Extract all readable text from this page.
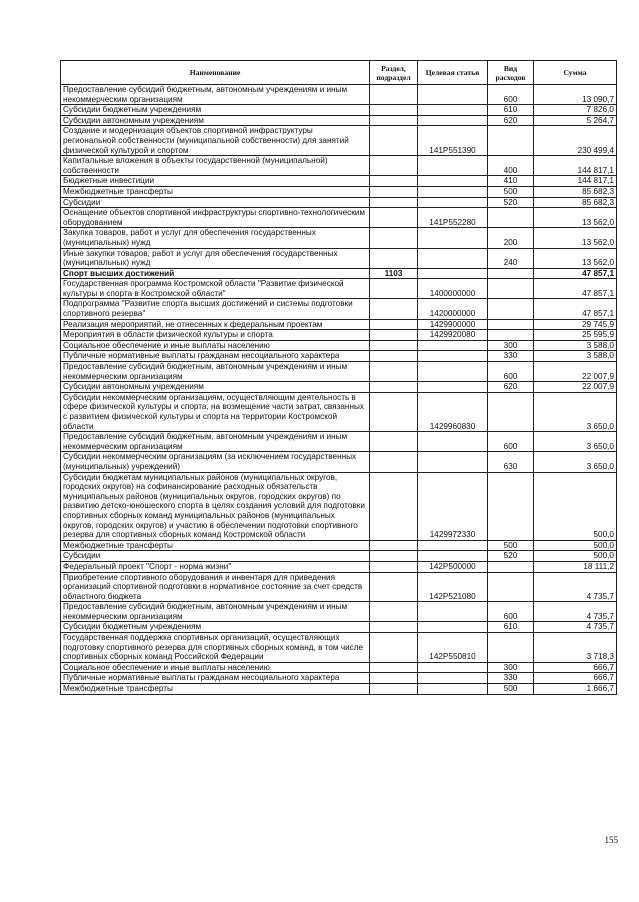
Наименование	Раздел, подраздел	Целевая статья	Вид расходов	Сумма
Предоставление субсидий бюджетным, автономным учреждениям и иным некоммерческим организациям			600	13 090,7
Субсидии бюджетным учреждениям			610	7 826,0
Субсидии автономным учреждениям			620	5 264,7
Создание и модернизация объектов спортивной инфраструктуры региональной собственности (муниципальной собственности) для занятий физической культурой и спортом		141P551390		230 499,4
Капитальные вложения в объекты государственной (муниципальной) собственности			400	144 817,1
Бюджетные инвестиции			410	144 817,1
Межбюджетные трансферты			500	85 682,3
Субсидии			520	85 682,3
Оснащение объектов спортивной инфраструктуры спортивно-технологическим оборудованием		141P552280		13 562,0
Закупка товаров, работ и услуг для обеспечения государственных (муниципальных) нужд			200	13 562,0
Иные закупки товаров, работ и услуг для обеспечения государственных (муниципальных) нужд			240	13 562,0
Спорт высших достижений	1103			47 857,1
Государственная программа Костромской области "Развитие физической культуры и спорта в Костромской области"		1400000000		47 857,1
Подпрограмма "Развитие спорта высших достижений и системы подготовки спортивного резерва"		1420000000		47 857,1
Реализация мероприятий, не отнесенных к федеральным проектам		1429900000		29 745,9
Мероприятия в области физической культуры и спорта		1429920080		25 595,9
Социальное обеспечение и иные выплаты населению			300	3 588,0
Публичные нормативные выплаты гражданам несоциального характера			330	3 588,0
Предоставление субсидий бюджетным, автономным учреждениям и иным некоммерческим организациям			600	22 007,9
Субсидии автономным учреждениям			620	22 007,9
Субсидии некоммерческим организациям, осуществляющим деятельность в сфере физической культуры и спорта, на возмещение части затрат, связанных с развитием физической культуры и спорта на территории Костромской области		1429960830		3 650,0
Предоставление субсидий бюджетным, автономным учреждениям и иным некоммерческим организациям			600	3 650,0
Субсидии некоммерческим организациям (за исключением государственных (муниципальных) учреждений)			630	3 650,0
Субсидии бюджетам муниципальных районов (муниципальных округов, городских округов) на софинансирование расходных обязательств муниципальных районов (муниципальных округов, городских округов) по развитию детско-юношеского спорта в целях создания условий для подготовки спортивных сборных команд муниципальных районов (муниципальных округов, городских округов) и участию в обеспечении подготовки спортивного резерва для спортивных сборных команд Костромской области		1429972330		500,0
Межбюджетные трансферты			500	500,0
Субсидии			520	500,0
Федеральный проект "Спорт - норма жизни"		142P500000		18 111,2
Приобретение спортивного оборудования и инвентаря для приведения организаций спортивной подготовки в нормативное состояние за счет средств областного бюджета		142P521080		4 735,7
Предоставление субсидий бюджетным, автономным учреждениям и иным некоммерческим организациям			600	4 735,7
Субсидии бюджетным учреждениям			610	4 735,7
Государственная поддержка спортивных организаций, осуществляющих подготовку спортивного резерва для спортивных сборных команд, в том числе спортивных сборных команд Российской Федерации		142P550810		3 718,3
Социальное обеспечение и иные выплаты населению			300	666,7
Публичные нормативные выплаты гражданам несоциального характера			330	666,7
Межбюджетные трансферты			500	1 666,7
155
